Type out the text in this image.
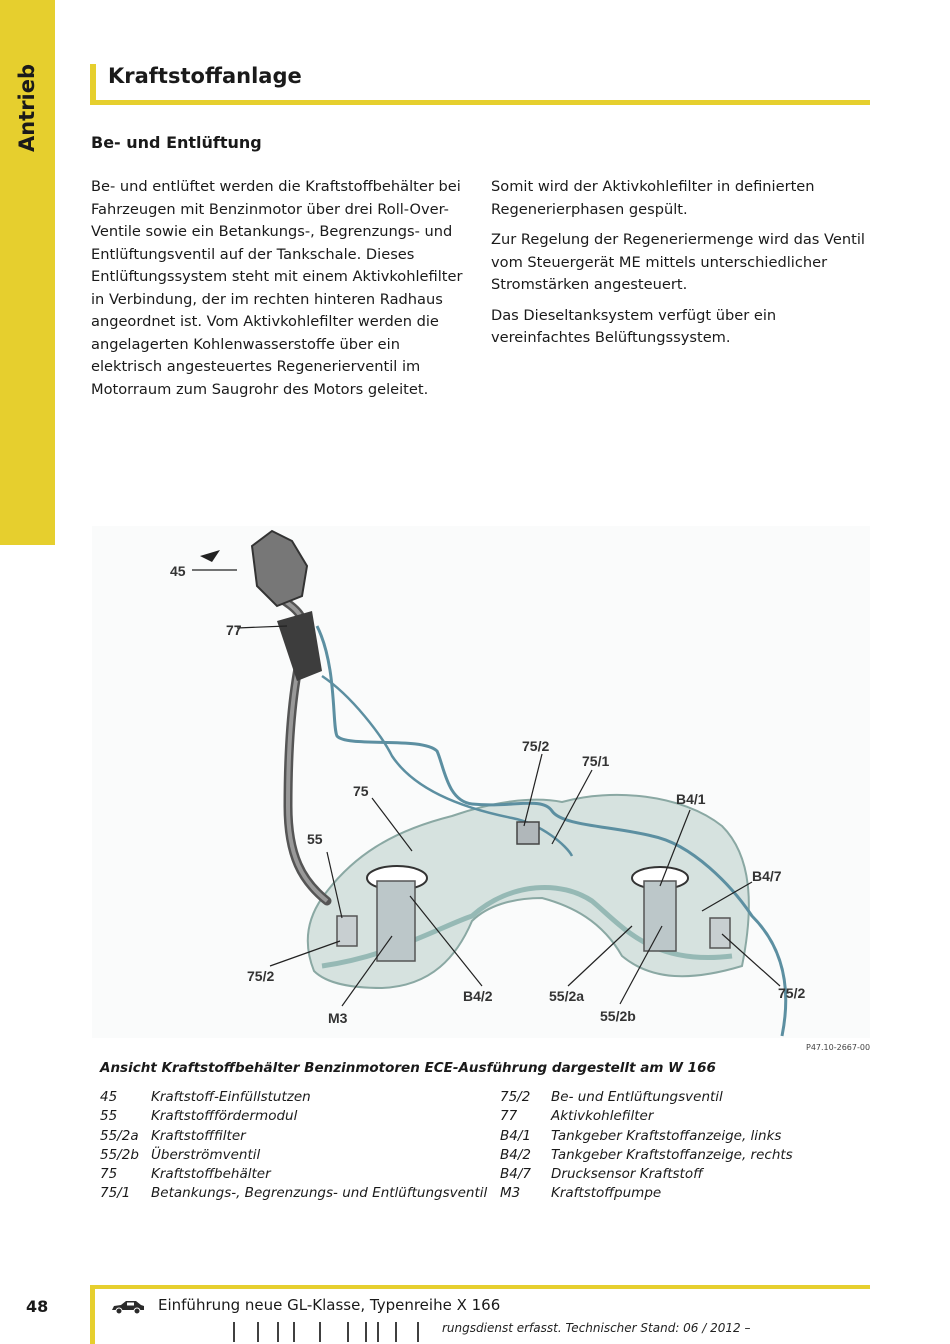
Antrieb	Kraftstoffanlage
Be- und Entlüftung

Be- und entlüftet werden die Kraftstoffbehälter bei Fahrzeugen mit Benzinmotor über drei Roll-Over-Ventile sowie ein Betankungs-, Begrenzungs- und Entlüftungsventil auf der Tankschale. Dieses Entlüftungssystem steht mit einem Aktivkohlefilter in Verbindung, der im rechten hinteren Radhaus angeordnet ist. Vom Aktivkohlefilter werden die angelagerten Kohlenwasserstoffe über ein elektrisch angesteuertes Regenerierventil im Motorraum zum Saugrohr des Motors geleitet.

Somit wird der Aktivkohlefilter in definierten Regenerierphasen gespült.

Zur Regelung der Regeneriermenge wird das Ventil vom Steuergerät ME mittels unterschiedlicher Stromstärken angesteuert.

Das Dieseltanksystem verfügt über ein vereinfachtes Belüftungssystem.

45
77
75
55
75/2
75/1
B4/1
B4/7
75/2
M3
B4/2	55/2a
55/2b
75/2
P47.10-2667-00
Ansicht Kraftstoffbehälter Benzinmotoren ECE-Ausführung dargestellt am W 166
45	Kraftstoff-Einfüllstutzen
55	Kraftstofffördermodul
55/2a Kraftstofffilter
55/2b Überströmventil
75	Kraftstoffbehälter
75/1	Betankungs-, Begrenzungs- und Entlüftungsventil
75/2	Be- und Entlüftungsventil
77	Aktivkohlefilter
B4/1	Tankgeber Kraftstoffanzeige, links
B4/2	Tankgeber Kraftstoffanzeige, rechts
B4/7	Drucksensor Kraftstoff
M3	Kraftstoffpumpe
48	Einführung neue GL-Klasse, Typenreihe X 166
rungsdienst erfasst. Technischer Stand: 06 / 2012 –
